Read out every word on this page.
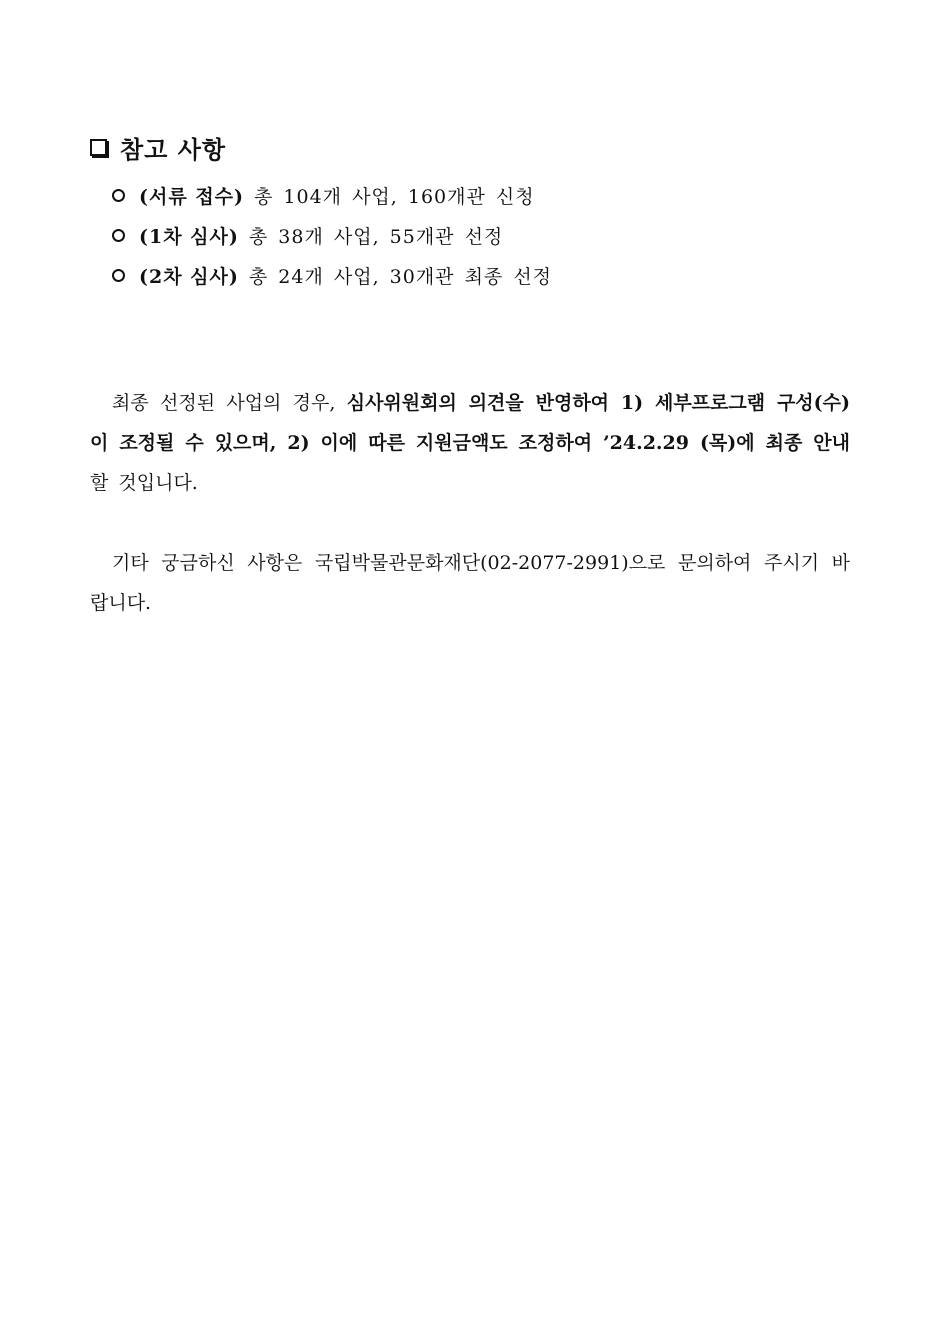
참고 사항
(서류 접수) 총 104개 사업, 160개관 신청
(1차 심사) 총 38개 사업, 55개관 선정
(2차 심사) 총 24개 사업, 30개관 최종 선정

최종 선정된 사업의 경우, 심사위원회의 의견을 반영하여 1) 세부프로그램 구성(수)이 조정될 수 있으며, 2) 이에 따른 지원금액도 조정하여 ’24.2.29 (목)에 최종 안내할 것입니다.

기타 궁금하신 사항은 국립박물관문화재단(02-2077-2991)으로 문의하여 주시기 바랍니다.
